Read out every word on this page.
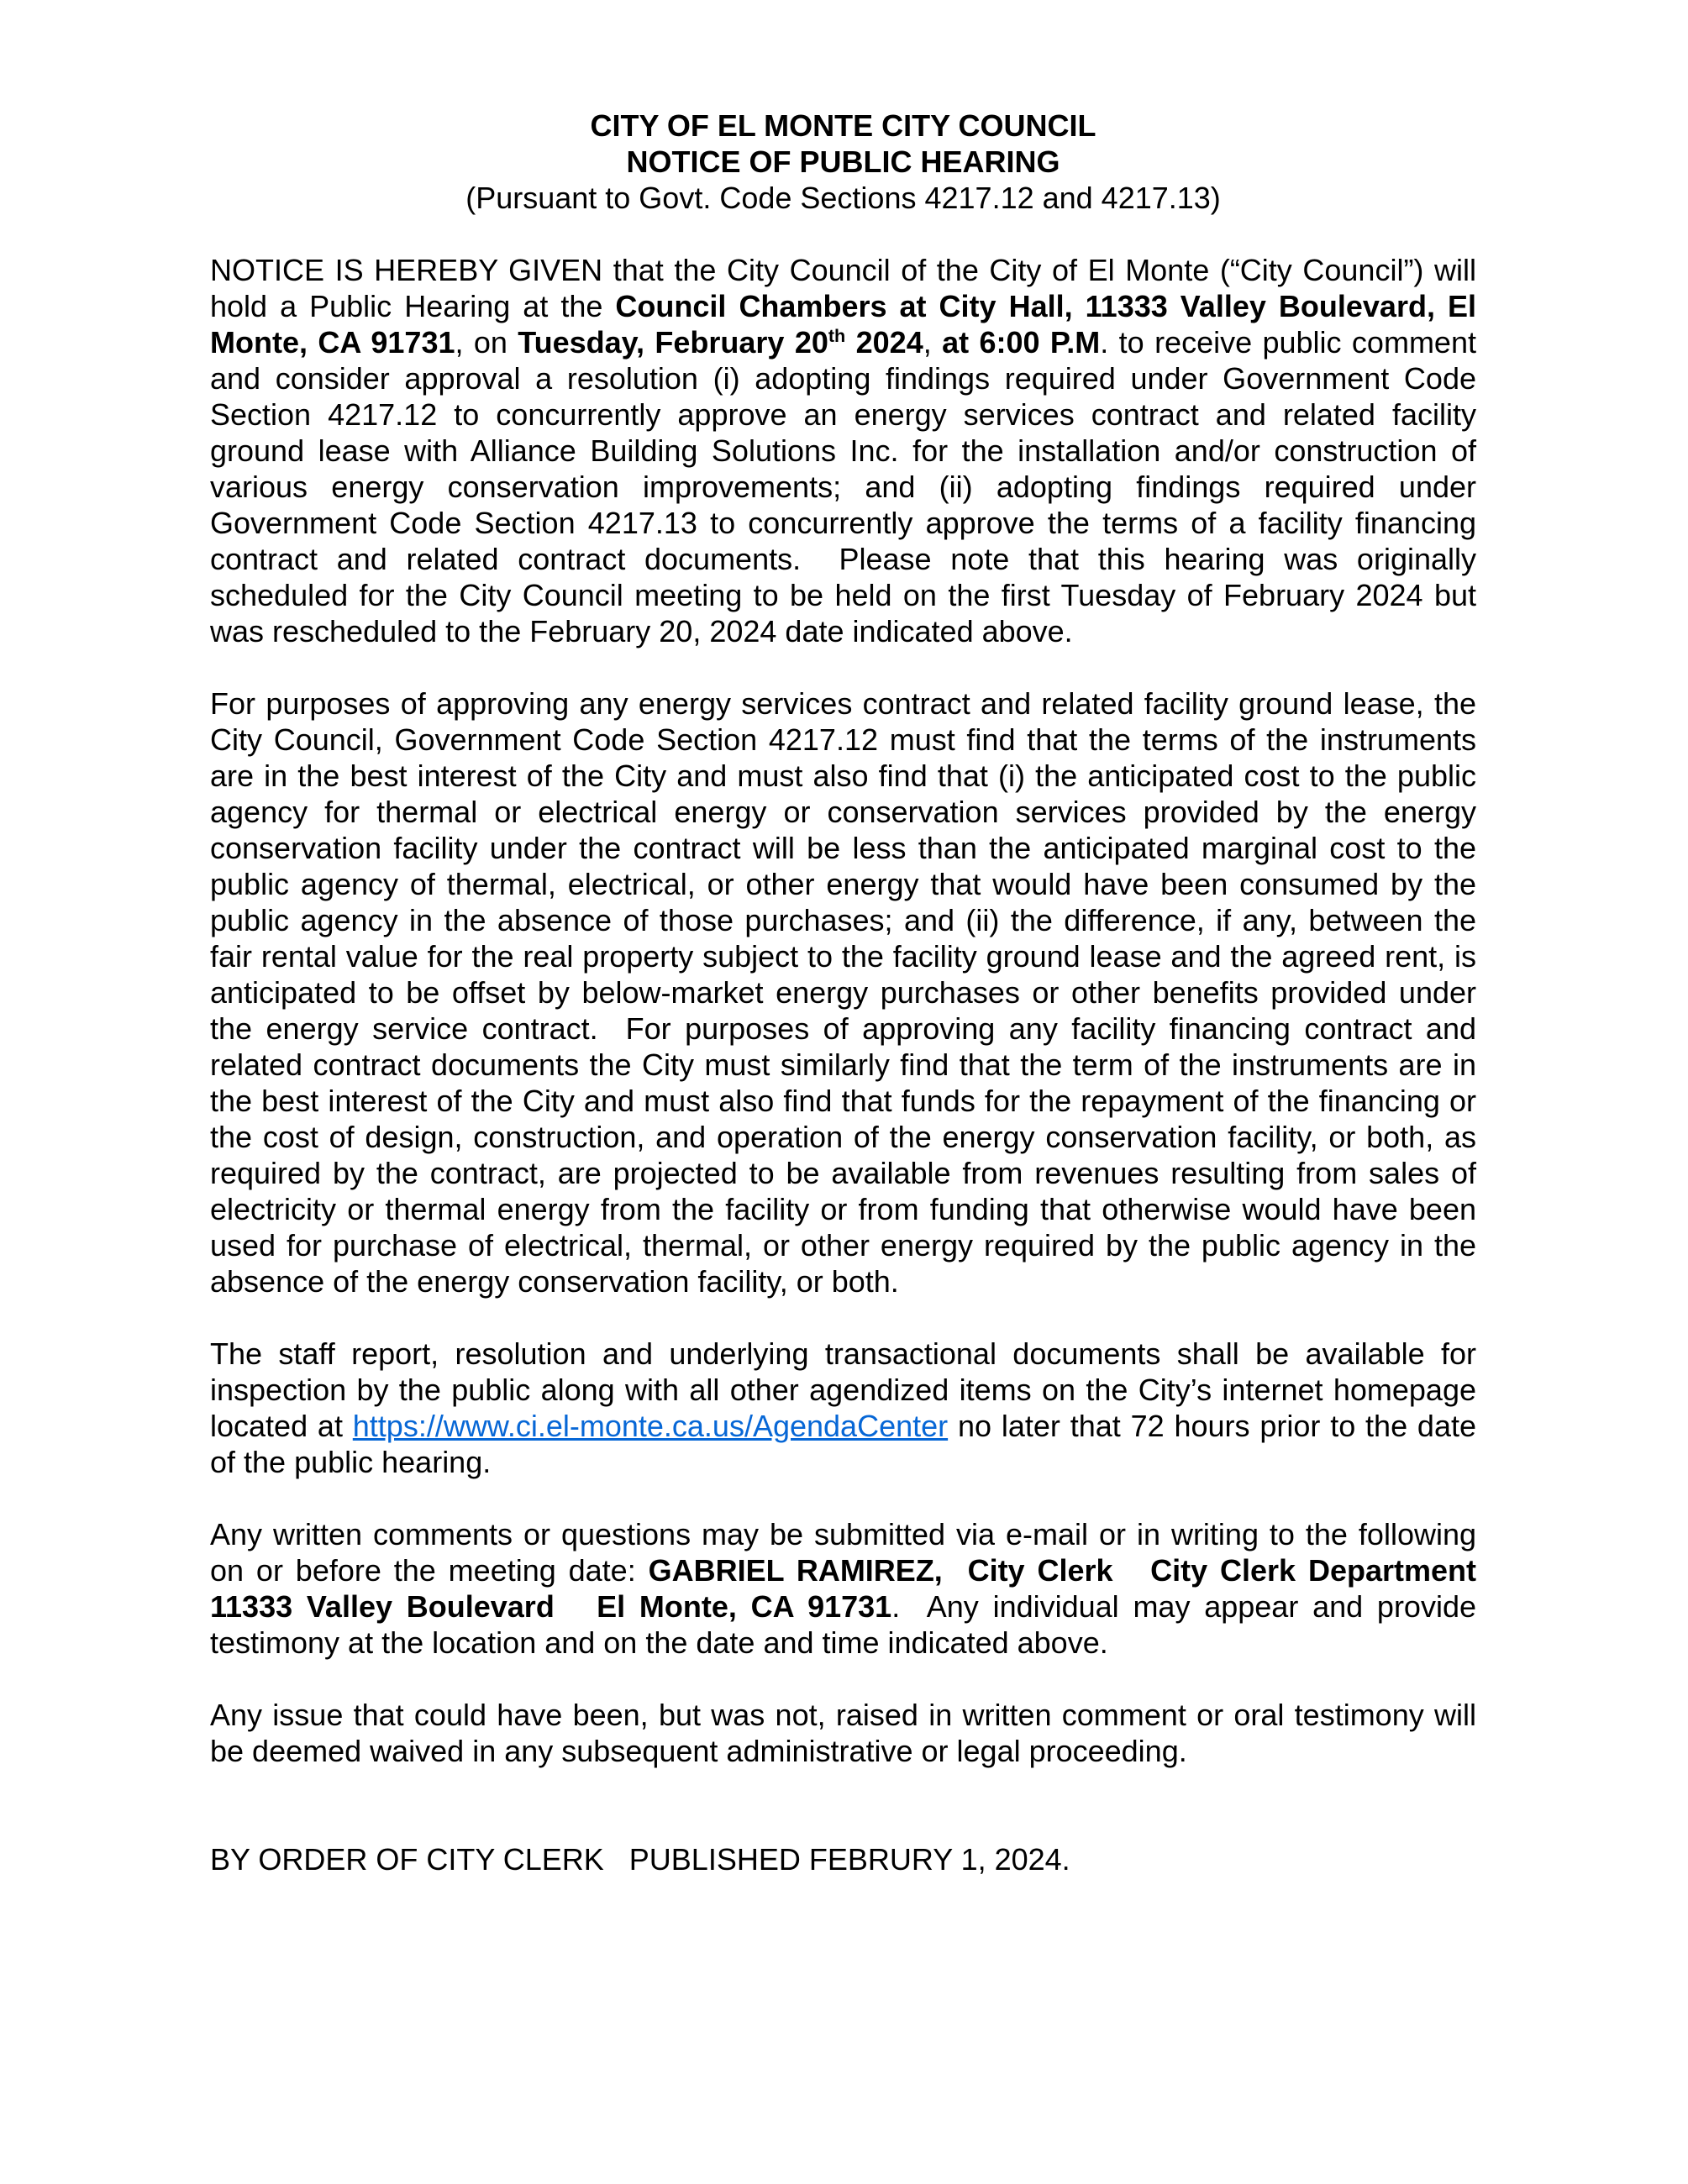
CITY OF EL MONTE CITY COUNCIL
NOTICE OF PUBLIC HEARING
(Pursuant to Govt. Code Sections 4217.12 and 4217.13)

NOTICE IS HEREBY GIVEN that the City Council of the City of El Monte (“City Council”) will hold a Public Hearing at the Council Chambers at City Hall, 11333 Valley Boulevard, El Monte, CA 91731, on Tuesday, February 20th 2024, at 6:00 P.M. to receive public comment and consider approval a resolution (i) adopting findings required under Government Code Section 4217.12 to concurrently approve an energy services contract and related facility ground lease with Alliance Building Solutions Inc. for the installation and/or construction of various energy conservation improvements; and (ii) adopting findings required under Government Code Section 4217.13 to concurrently approve the terms of a facility financing contract and related contract documents.  Please note that this hearing was originally scheduled for the City Council meeting to be held on the first Tuesday of February 2024 but was rescheduled to the February 20, 2024 date indicated above.

For purposes of approving any energy services contract and related facility ground lease, the City Council, Government Code Section 4217.12 must find that the terms of the instruments are in the best interest of the City and must also find that (i) the anticipated cost to the public agency for thermal or electrical energy or conservation services provided by the energy conservation facility under the contract will be less than the anticipated marginal cost to the public agency of thermal, electrical, or other energy that would have been consumed by the public agency in the absence of those purchases; and (ii) the difference, if any, between the fair rental value for the real property subject to the facility ground lease and the agreed rent, is anticipated to be offset by below-market energy purchases or other benefits provided under the energy service contract.  For purposes of approving any facility financing contract and related contract documents the City must similarly find that the term of the instruments are in the best interest of the City and must also find that funds for the repayment of the financing or the cost of design, construction, and operation of the energy conservation facility, or both, as required by the contract, are projected to be available from revenues resulting from sales of electricity or thermal energy from the facility or from funding that otherwise would have been used for purchase of electrical, thermal, or other energy required by the public agency in the absence of the energy conservation facility, or both.

The staff report, resolution and underlying transactional documents shall be available for inspection by the public along with all other agendized items on the City’s internet homepage located at https://www.ci.el-monte.ca.us/AgendaCenter no later that 72 hours prior to the date of the public hearing.

Any written comments or questions may be submitted via e-mail or in writing to the following on or before the meeting date: GABRIEL RAMIREZ,  City Clerk   City Clerk Department   11333 Valley Boulevard   El Monte, CA 91731.  Any individual may appear and provide testimony at the location and on the date and time indicated above.

Any issue that could have been, but was not, raised in written comment or oral testimony will be deemed waived in any subsequent administrative or legal proceeding.

BY ORDER OF CITY CLERK   PUBLISHED FEBRURY 1, 2024.
